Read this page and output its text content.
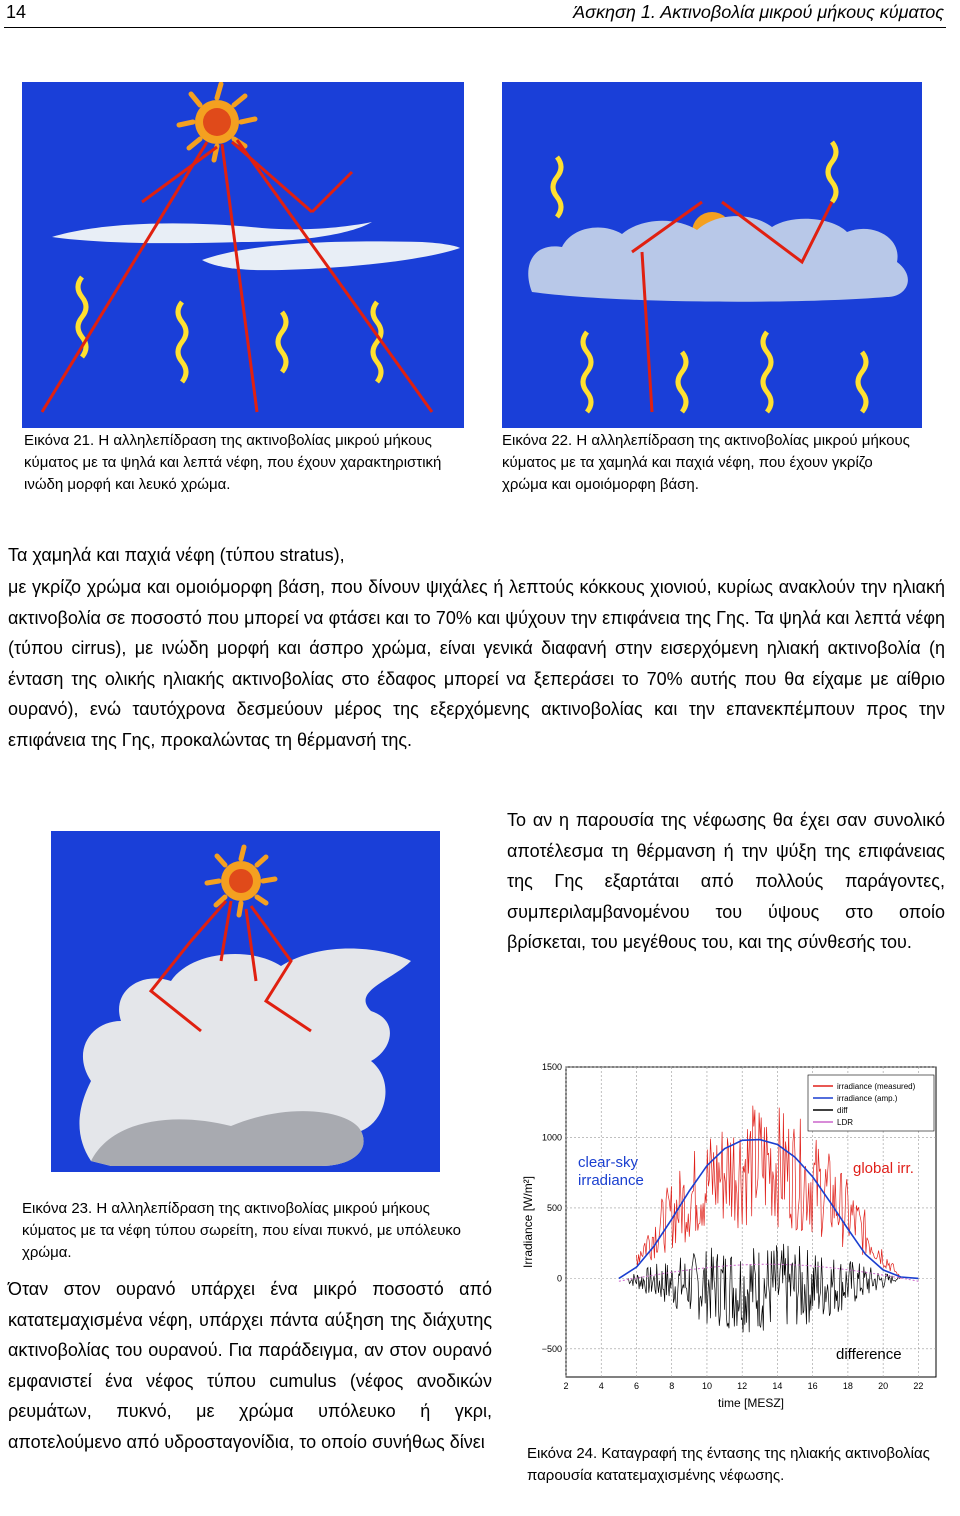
14	Άσκηση 1. Ακτινοβολία μικρού μήκους κύματος
Εικόνα 21. Η αλληλεπίδραση της ακτινοβολίας μικρού μήκους κύματος με τα ψηλά και λεπτά νέφη, που έχουν χαρακτηριστική ινώδη μορφή και λευκό χρώμα.
Εικόνα 22. Η αλληλεπίδραση της ακτινοβολίας μικρού μήκους κύματος με τα χαμηλά και παχιά νέφη, που έχουν γκρίζο χρώμα και ομοιόμορφη βάση.
Τα χαμηλά και παχιά νέφη (τύπου stratus),
με γκρίζο χρώμα και ομοιόμορφη βάση, που δίνουν ψιχάλες ή λεπτούς κόκκους χιονιού, κυρίως ανακλούν την ηλιακή ακτινοβολία σε ποσοστό που μπορεί να φτάσει και το 70% και ψύχουν την επιφάνεια της Γης. Τα ψηλά και λεπτά νέφη (τύπου cirrus), με ινώδη μορφή και άσπρο χρώμα, είναι γενικά διαφανή στην εισερχόμενη ηλιακή ακτινοβολία (η ένταση της ολικής ηλιακής ακτινοβολίας στο έδαφος μπορεί να ξεπεράσει το 70% αυτής που θα είχαμε με αίθριο ουρανό), ενώ ταυτόχρονα δεσμεύουν μέρος της εξερχόμενης ακτινοβολίας και την επανεκπέμπουν προς την επιφάνεια της Γης, προκαλώντας τη θέρμανσή της.
Εικόνα 23. Η αλληλεπίδραση της ακτινοβολίας μικρού μήκους κύματος με τα νέφη τύπου σωρείτη, που είναι πυκνό, με υπόλευκο χρώμα.
Το αν η παρουσία της νέφωσης θα έχει σαν συνολικό αποτέλεσμα τη θέρμανση ή την ψύξη της επιφάνειας της Γης εξαρτάται από πολλούς παράγοντες, συμπεριλαμβανομένου του ύψους στο οποίο βρίσκεται, του μεγέθους του, και της σύνθεσής του.
1500
1000
500
0
−500
2	4	6	8	10	12	14	16	18	20	22
time [MESZ]
Irradiance [W/m²]
irradiance (measured)
irradiance (amp.)
diff
LDR
clear-sky
irradiance
global irr.
difference
Εικόνα 24. Καταγραφή της έντασης της ηλιακής ακτινοβολίας παρουσία κατατεμαχισμένης νέφωσης.
Όταν στον ουρανό υπάρχει ένα μικρό ποσοστό από κατατεμαχισμένα νέφη, υπάρχει πάντα αύξηση της διάχυτης ακτινοβολίας του ουρανού. Για παράδειγμα, αν στον ουρανό εμφανιστεί ένα νέφος τύπου cumulus (νέφος ανοδικών ρευμάτων, πυκνό, με χρώμα υπόλευκο ή γκρι, αποτελούμενο από υδροσταγονίδια, το οποίο συνήθως δίνει
